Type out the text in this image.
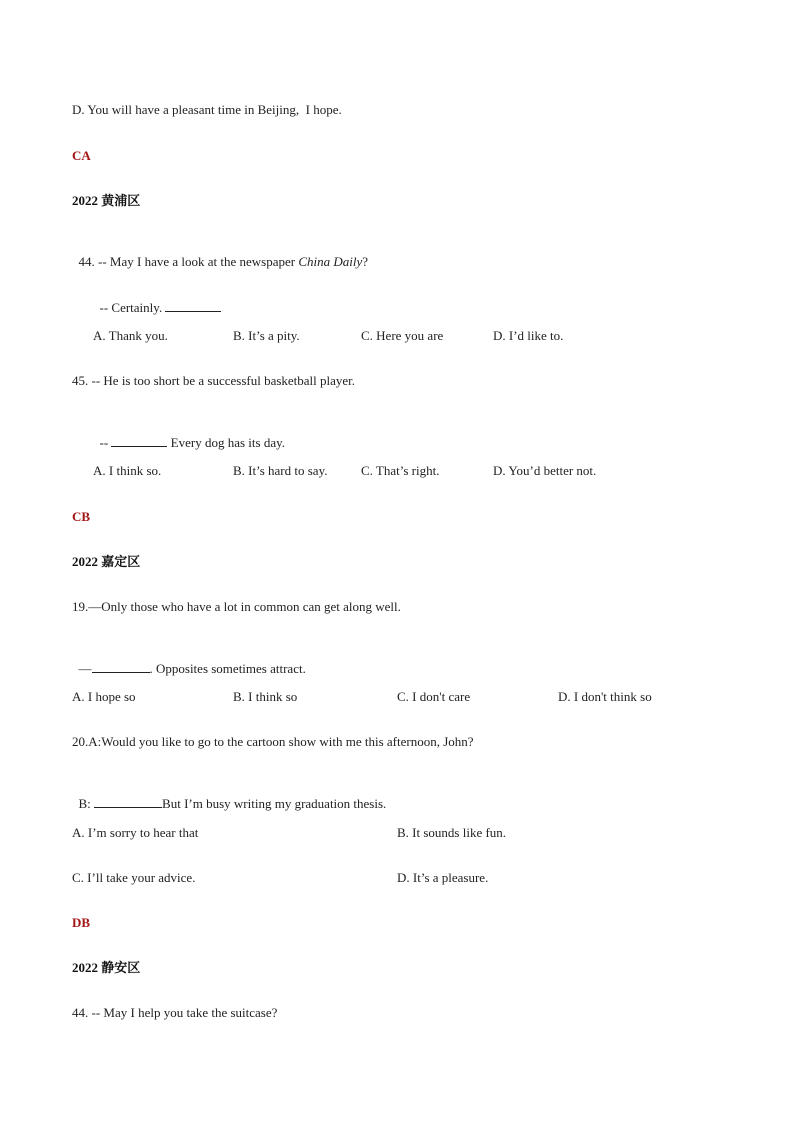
D. You will have a pleasant time in Beijing,  I hope.
CA
2022 黄浦区

44. -- May I have a look at the newspaper China Daily?

-- Certainly.

A. Thank you.	B. It’s a pity.	C. Here you are	D. I’d like to.
45. -- He is too short be a successful basketball player.

--	Every dog has its day.

A. I think so.	B. It’s hard to say.	C. That’s right.	D. You’d better not.
CB
2022 嘉定区
19.—Only those who have a lot in common can get along well.

—	. Opposites sometimes attract.

A. I hope so	B. I think so	C. I don't care	D. I don't think so
20.A:Would you like to go to the cartoon show with me this afternoon, John?

B:	But I’m busy writing my graduation thesis.

A. I’m sorry to hear that	B. It sounds like fun.
C. I’ll take your advice.	D. It’s a pleasure.
DB
2022 静安区
44. -- May I help you take the suitcase?
